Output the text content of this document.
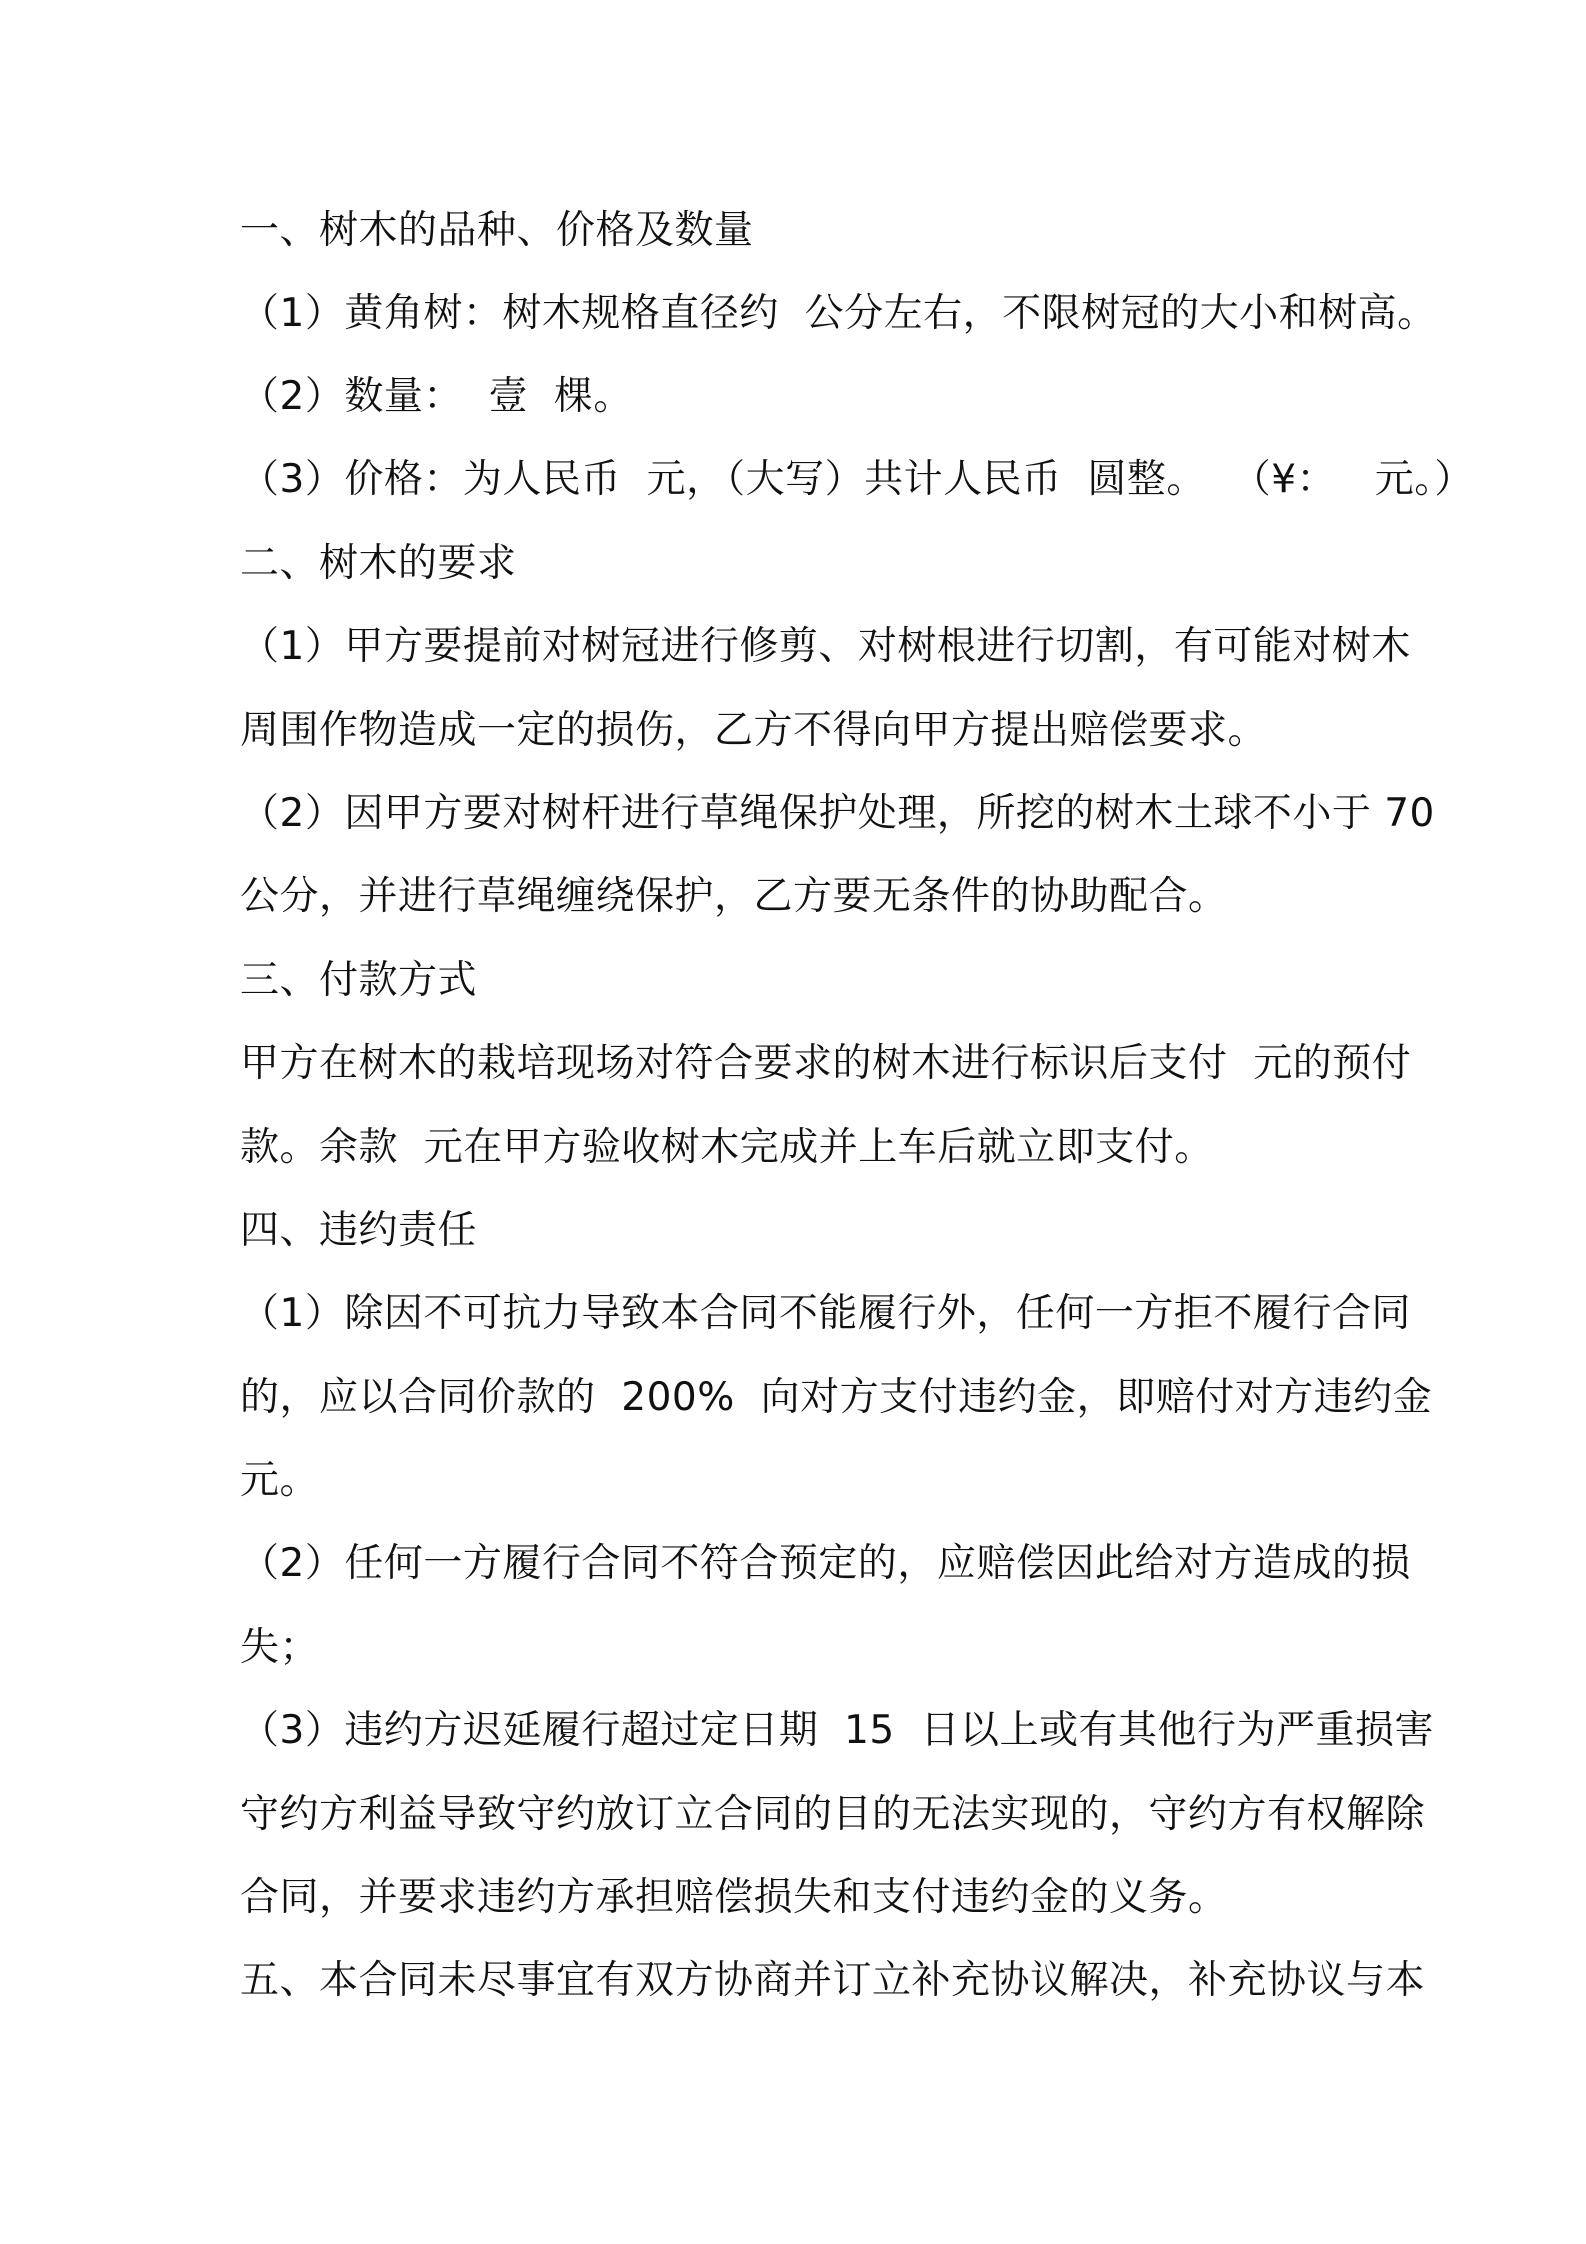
一、树木的品种、价格及数量
（1）黄角树：树木规格直径约  公分左右，不限树冠的大小和树高。
（2）数量：  壹  棵。
（3）价格：为人民币  元，（大写）共计人民币  圆整。  （¥：   元。）
二、树木的要求
（1）甲方要提前对树冠进行修剪、对树根进行切割，有可能对树木
周围作物造成一定的损伤，乙方不得向甲方提出赔偿要求。
（2）因甲方要对树杆进行草绳保护处理，所挖的树木土球不小于 70
公分，并进行草绳缠绕保护，乙方要无条件的协助配合。
三、付款方式
甲方在树木的栽培现场对符合要求的树木进行标识后支付  元的预付
款。余款  元在甲方验收树木完成并上车后就立即支付。
四、违约责任
（1）除因不可抗力导致本合同不能履行外，任何一方拒不履行合同
的，应以合同价款的  200%  向对方支付违约金，即赔付对方违约金
元。
（2）任何一方履行合同不符合预定的，应赔偿因此给对方造成的损
失；
（3）违约方迟延履行超过定日期  15  日以上或有其他行为严重损害
守约方利益导致守约放订立合同的目的无法实现的，守约方有权解除
合同，并要求违约方承担赔偿损失和支付违约金的义务。
五、本合同未尽事宜有双方协商并订立补充协议解决，补充协议与本
